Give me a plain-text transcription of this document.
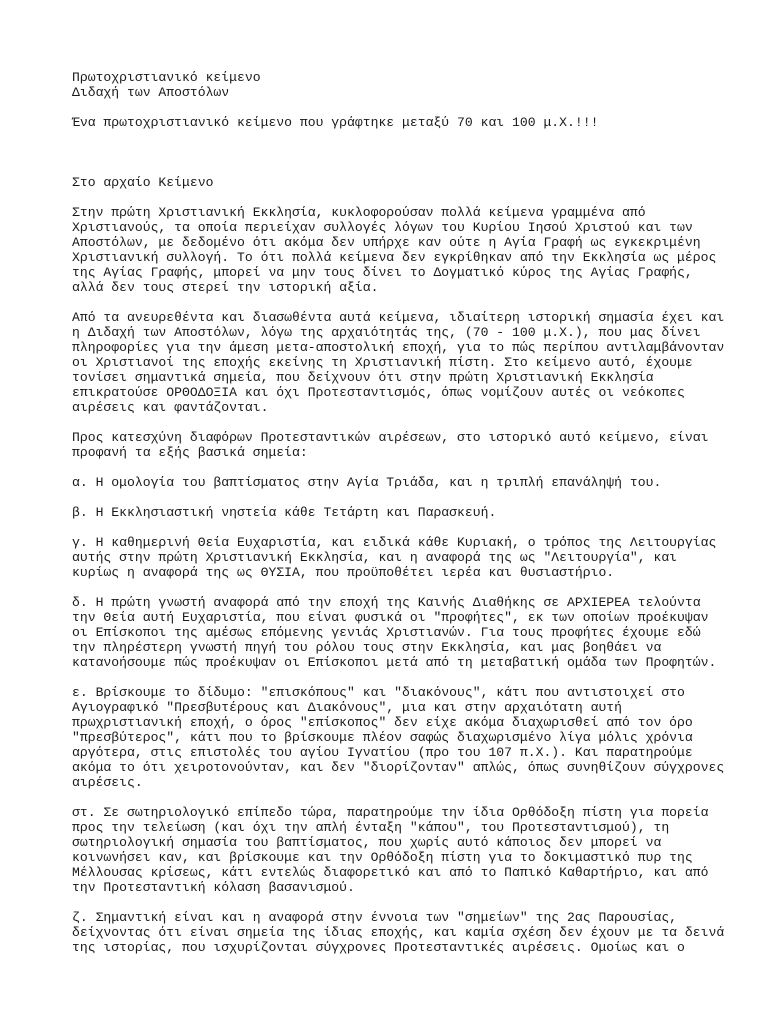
Πρωτοχριστιανικό κείμενο
Διδαχή των Αποστόλων
Ένα πρωτοχριστιανικό κείμενο που γράφτηκε μεταξύ 70 και 100 μ.Χ.!!!
Στο αρχαίο Κείμενο
Στην πρώτη Χριστιανική Εκκλησία, κυκλοφορούσαν πολλά κείμενα γραμμένα από
Χριστιανούς, τα οποία περιείχαν συλλογές λόγων του Κυρίου Ιησού Χριστού και των
Αποστόλων, με δεδομένο ότι ακόμα δεν υπήρχε καν ούτε η Αγία Γραφή ως εγκεκριμένη
Χριστιανική συλλογή. Το ότι πολλά κείμενα δεν εγκρίθηκαν από την Εκκλησία ως μέρος
της Αγίας Γραφής, μπορεί να μην τους δίνει το Δογματικό κύρος της Αγίας Γραφής,
αλλά δεν τους στερεί την ιστορική αξία.
Από τα ανευρεθέντα και διασωθέντα αυτά κείμενα, ιδιαίτερη ιστορική σημασία έχει και
η Διδαχή των Αποστόλων, λόγω της αρχαιότητάς της, (70 - 100 μ.Χ.), που μας δίνει
πληροφορίες για την άμεση μετα-αποστολική εποχή, για το πώς περίπου αντιλαμβάνονταν
οι Χριστιανοί της εποχής εκείνης τη Χριστιανική πίστη. Στο κείμενο αυτό, έχουμε
τονίσει σημαντικά σημεία, που δείχνουν ότι στην πρώτη Χριστιανική Εκκλησία
επικρατούσε ΟΡΘΟΔΟΞΙΑ και όχι Προτεσταντισμός, όπως νομίζουν αυτές οι νεόκοπες
αιρέσεις και φαντάζονται.
Προς κατεσχύνη διαφόρων Προτεσταντικών αιρέσεων, στο ιστορικό αυτό κείμενο, είναι
προφανή τα εξής βασικά σημεία:
α. Η ομολογία του βαπτίσματος στην Αγία Τριάδα, και η τριπλή επανάληψή του.
β. Η Εκκλησιαστική νηστεία κάθε Τετάρτη και Παρασκευή.
γ. Η καθημερινή Θεία Ευχαριστία, και ειδικά κάθε Κυριακή, ο τρόπος της Λειτουργίας
αυτής στην πρώτη Χριστιανική Εκκλησία, και η αναφορά της ως "Λειτουργία", και
κυρίως η αναφορά της ως ΘΥΣΙΑ, που προϋποθέτει ιερέα και θυσιαστήριο.
δ. Η πρώτη γνωστή αναφορά από την εποχή της Καινής Διαθήκης σε ΑΡΧΙΕΡΕΑ τελούντα
την Θεία αυτή Ευχαριστία, που είναι φυσικά οι "προφήτες", εκ των οποίων προέκυψαν
οι Επίσκοποι της αμέσως επόμενης γενιάς Χριστιανών. Για τους προφήτες έχουμε εδώ
την πληρέστερη γνωστή πηγή του ρόλου τους στην Εκκλησία, και μας βοηθάει να
κατανοήσουμε πώς προέκυψαν οι Επίσκοποι μετά από τη μεταβατική ομάδα των Προφητών.
ε. Βρίσκουμε το δίδυμο: "επισκόπους" και "διακόνους", κάτι που αντιστοιχεί στο
Αγιογραφικό "Πρεσβυτέρους και Διακόνους", μια και στην αρχαιότατη αυτή
πρωχριστιανική εποχή, ο όρος "επίσκοπος" δεν είχε ακόμα διαχωρισθεί από τον όρο
"πρεσβύτερος", κάτι που το βρίσκουμε πλέον σαφώς διαχωρισμένο λίγα μόλις χρόνια
αργότερα, στις επιστολές του αγίου Ιγνατίου (προ του 107 π.Χ.). Και παρατηρούμε
ακόμα το ότι χειροτονούνταν, και δεν "διορίζονταν" απλώς, όπως συνηθίζουν σύγχρονες
αιρέσεις.
στ. Σε σωτηριολογικό επίπεδο τώρα, παρατηρούμε την ίδια Ορθόδοξη πίστη για πορεία
προς την τελείωση (και όχι την απλή ένταξη "κάπου", του Προτεσταντισμού), τη
σωτηριολογική σημασία του βαπτίσματος, που χωρίς αυτό κάποιος δεν μπορεί να
κοινωνήσει καν, και βρίσκουμε και την Ορθόδοξη πίστη για το δοκιμαστικό πυρ της
Μέλλουσας κρίσεως, κάτι εντελώς διαφορετικό και από το Παπικό Καθαρτήριο, και από
την Προτεσταντική κόλαση βασανισμού.
ζ. Σημαντική είναι και η αναφορά στην έννοια των "σημείων" της 2ας Παρουσίας,
δείχνοντας ότι είναι σημεία της ίδιας εποχής, και καμία σχέση δεν έχουν με τα δεινά
της ιστορίας, που ισχυρίζονται σύγχρονες Προτεσταντικές αιρέσεις. Ομοίως και ο
